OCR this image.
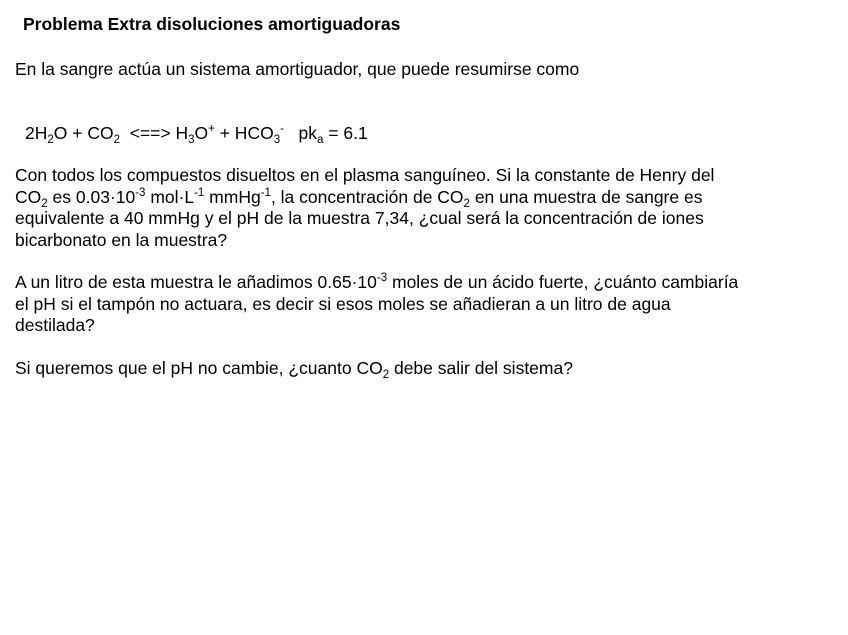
Problema Extra disoluciones amortiguadoras
En la sangre actúa un sistema amortiguador, que puede resumirse como
$2H_2O + CO_2$  <==> $H_3O^+ + HCO_3^-$   $pk_a = 6.1$
Con todos los compuestos disueltos en el plasma sanguíneo. Si la constante de Henry del
$CO_2$ es $0.03\cdot 10^{-3}$ $mol\cdot L^{-1}$ mmHg$^{-1}$, la concentración de $CO_2$ en una muestra de sangre es
equivalente a 40 mmHg y el pH de la muestra 7,34, ¿cual será la concentración de iones
bicarbonato en la muestra?
A un litro de esta muestra le añadimos $0.65\cdot 10^{-3}$ moles de un ácido fuerte, ¿cuánto cambiaría
el pH si el tampón no actuara, es decir si esos moles se añadieran a un litro de agua
destilada?
Si queremos que el pH no cambie, ¿cuanto $CO_2$ debe salir del sistema?
